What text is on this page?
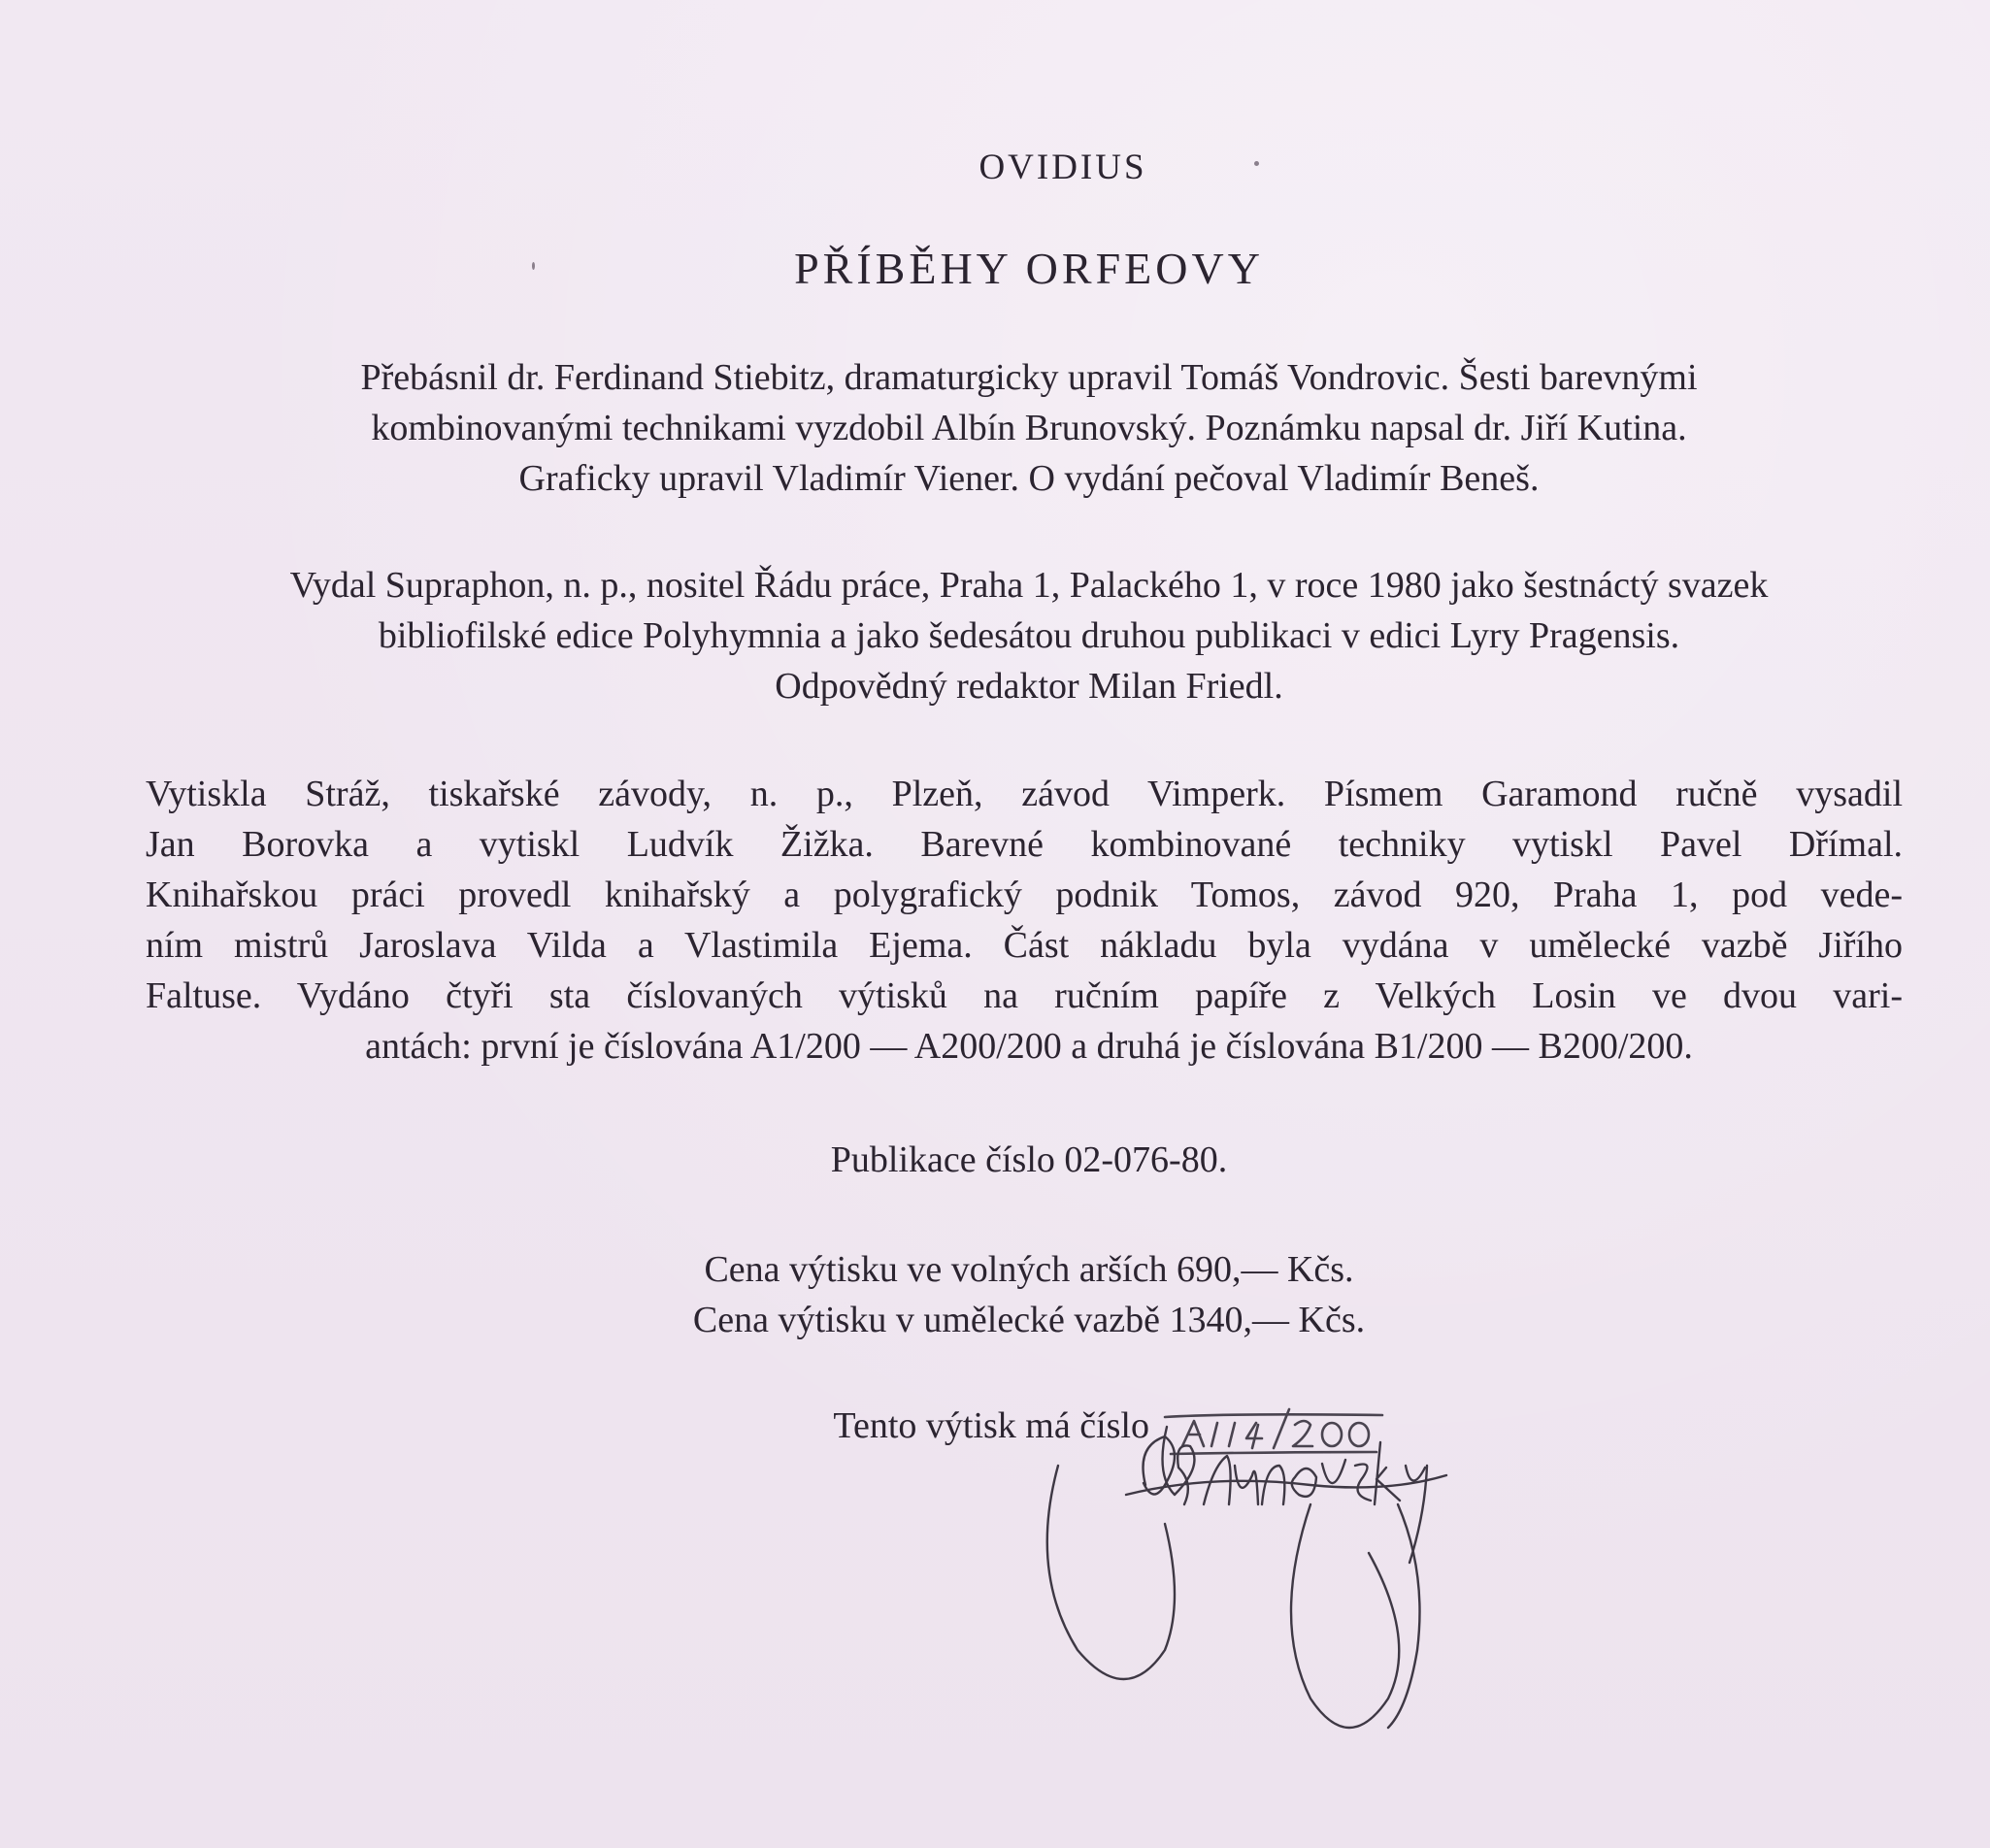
OVIDIUS
PŘÍBĚHY ORFEOVY
Přebásnil dr. Ferdinand Stiebitz, dramaturgicky upravil Tomáš Vondrovic. Šesti barevnými
kombinovanými technikami vyzdobil Albín Brunovský. Poznámku napsal dr. Jiří Kutina.
Graficky upravil Vladimír Viener. O vydání pečoval Vladimír Beneš.
Vydal Supraphon, n. p., nositel Řádu práce, Praha 1, Palackého 1, v roce 1980 jako šestnáctý svazek
bibliofilské edice Polyhymnia a jako šedesátou druhou publikaci v edici Lyry Pragensis.
Odpovědný redaktor Milan Friedl.
Vytiskla Stráž, tiskařské závody, n. p., Plzeň, závod Vimperk. Písmem Garamond ručně vysadil
Jan Borovka a vytiskl Ludvík Žižka. Barevné kombinované techniky vytiskl Pavel Dřímal.
Knihařskou práci provedl knihařský a polygrafický podnik Tomos, závod 920, Praha 1, pod vede-
ním mistrů Jaroslava Vilda a Vlastimila Ejema. Část nákladu byla vydána v umělecké vazbě Jiřího
Faltuse. Vydáno čtyři sta číslovaných výtisků na ručním papíře z Velkých Losin ve dvou vari-
antách: první je číslována A1/200 — A200/200 a druhá je číslována B1/200 — B200/200.
Publikace číslo 02-076-80.
Cena výtisku ve volných arších 690,— Kčs.
Cena výtisku v umělecké vazbě 1340,— Kčs.
Tento výtisk má číslo
